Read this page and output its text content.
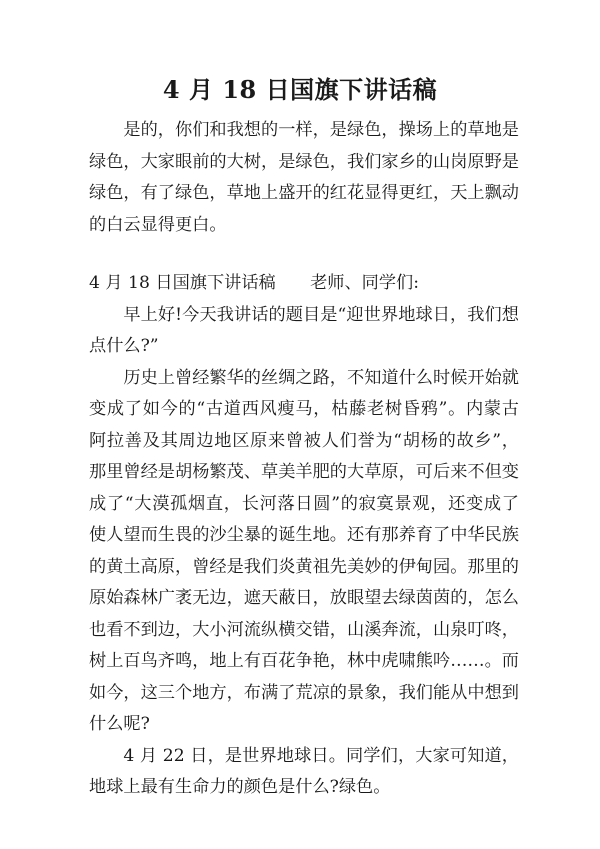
4 月 18 日国旗下讲话稿

是的，你们和我想的一样，是绿色，操场上的草地是绿色，大家眼前的大树，是绿色，我们家乡的山岗原野是绿色，有了绿色，草地上盛开的红花显得更红，天上飘动的白云显得更白。

4 月 18 日国旗下讲话稿　　老师、同学们:

早上好!今天我讲话的题目是“迎世界地球日，我们想点什么?”

历史上曾经繁华的丝绸之路，不知道什么时候开始就变成了如今的“古道西风瘦马，枯藤老树昏鸦”。内蒙古阿拉善及其周边地区原来曾被人们誉为“胡杨的故乡”，那里曾经是胡杨繁茂、草美羊肥的大草原，可后来不但变成了“大漠孤烟直，长河落日圆”的寂寞景观，还变成了使人望而生畏的沙尘暴的诞生地。还有那养育了中华民族的黄土高原，曾经是我们炎黄祖先美妙的伊甸园。那里的原始森林广袤无边，遮天蔽日，放眼望去绿茵茵的，怎么也看不到边，大小河流纵横交错，山溪奔流，山泉叮咚，树上百鸟齐鸣，地上有百花争艳，林中虎啸熊吟……。而如今，这三个地方，布满了荒凉的景象，我们能从中想到什么呢?

4 月 22 日，是世界地球日。同学们，大家可知道，地球上最有生命力的颜色是什么?绿色。
